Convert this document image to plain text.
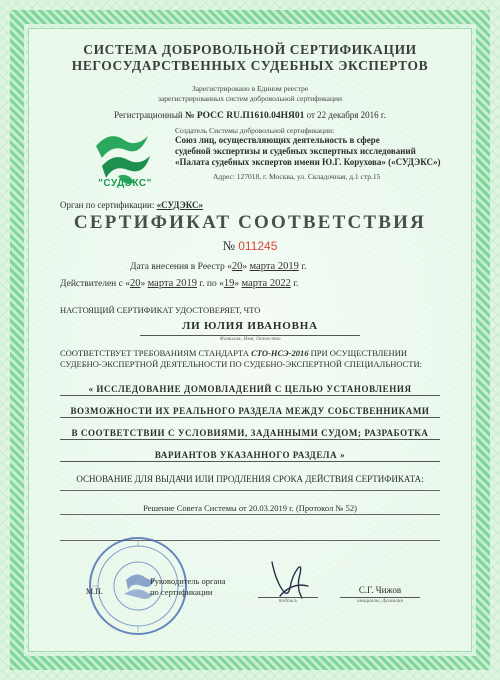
СИСТЕМА ДОБРОВОЛЬНОЙ СЕРТИФИКАЦИИ
НЕГОСУДАРСТВЕННЫХ СУДЕБНЫХ ЭКСПЕРТОВ
Зарегистрировано в Едином реестре
зарегистрированных систем добровольной сертификации
Регистрационный № РОСС RU.П1610.04НЯ01 от 22 декабря 2016 г.
"СУДЭКС"
Создатель Системы добровольной сертификации:
Союз лиц, осуществляющих деятельность в сфере
судебной экспертизы и судебных экспертных исследований
«Палата судебных экспертов имени Ю.Г. Корухова» («СУДЭКС»)
Адрес: 127018, г. Москва, ул. Складочная, д.1 стр.15
Орган по сертификации: «СУДЭКС»
СЕРТИФИКАТ СООТВЕТСТВИЯ
№ 011245
Дата внесения в Реестр «20» марта 2019 г.
Действителен с «20» марта 2019 г. по «19» марта 2022 г.
НАСТОЯЩИЙ СЕРТИФИКАТ УДОСТОВЕРЯЕТ, ЧТО
ЛИ ЮЛИЯ ИВАНОВНА
Фамилия, Имя, Отчество
СООТВЕТСТВУЕТ ТРЕБОВАНИЯМ СТАНДАРТА СТО-НСЭ-2016 ПРИ ОСУЩЕСТВЛЕНИИ СУДЕБНО-ЭКСПЕРТНОЙ ДЕЯТЕЛЬНОСТИ ПО СУДЕБНО-ЭКСПЕРТНОЙ СПЕЦИАЛЬНОСТИ:
« ИССЛЕДОВАНИЕ ДОМОВЛАДЕНИЙ С ЦЕЛЬЮ УСТАНОВЛЕНИЯ
ВОЗМОЖНОСТИ ИХ РЕАЛЬНОГО РАЗДЕЛА МЕЖДУ СОБСТВЕННИКАМИ
В СООТВЕТСТВИИ С УСЛОВИЯМИ, ЗАДАННЫМИ СУДОМ; РАЗРАБОТКА
ВАРИАНТОВ УКАЗАННОГО РАЗДЕЛА »
ОСНОВАНИЕ ДЛЯ ВЫДАЧИ ИЛИ ПРОДЛЕНИЯ СРОКА ДЕЙСТВИЯ СЕРТИФИКАТА:
Решение Совета Системы от 20.03.2019 г. (Протокол № 52)
М.П.
Руководитель органа
по сертификации
подпись
С.Г. Чижов
инициалы, фамилия
